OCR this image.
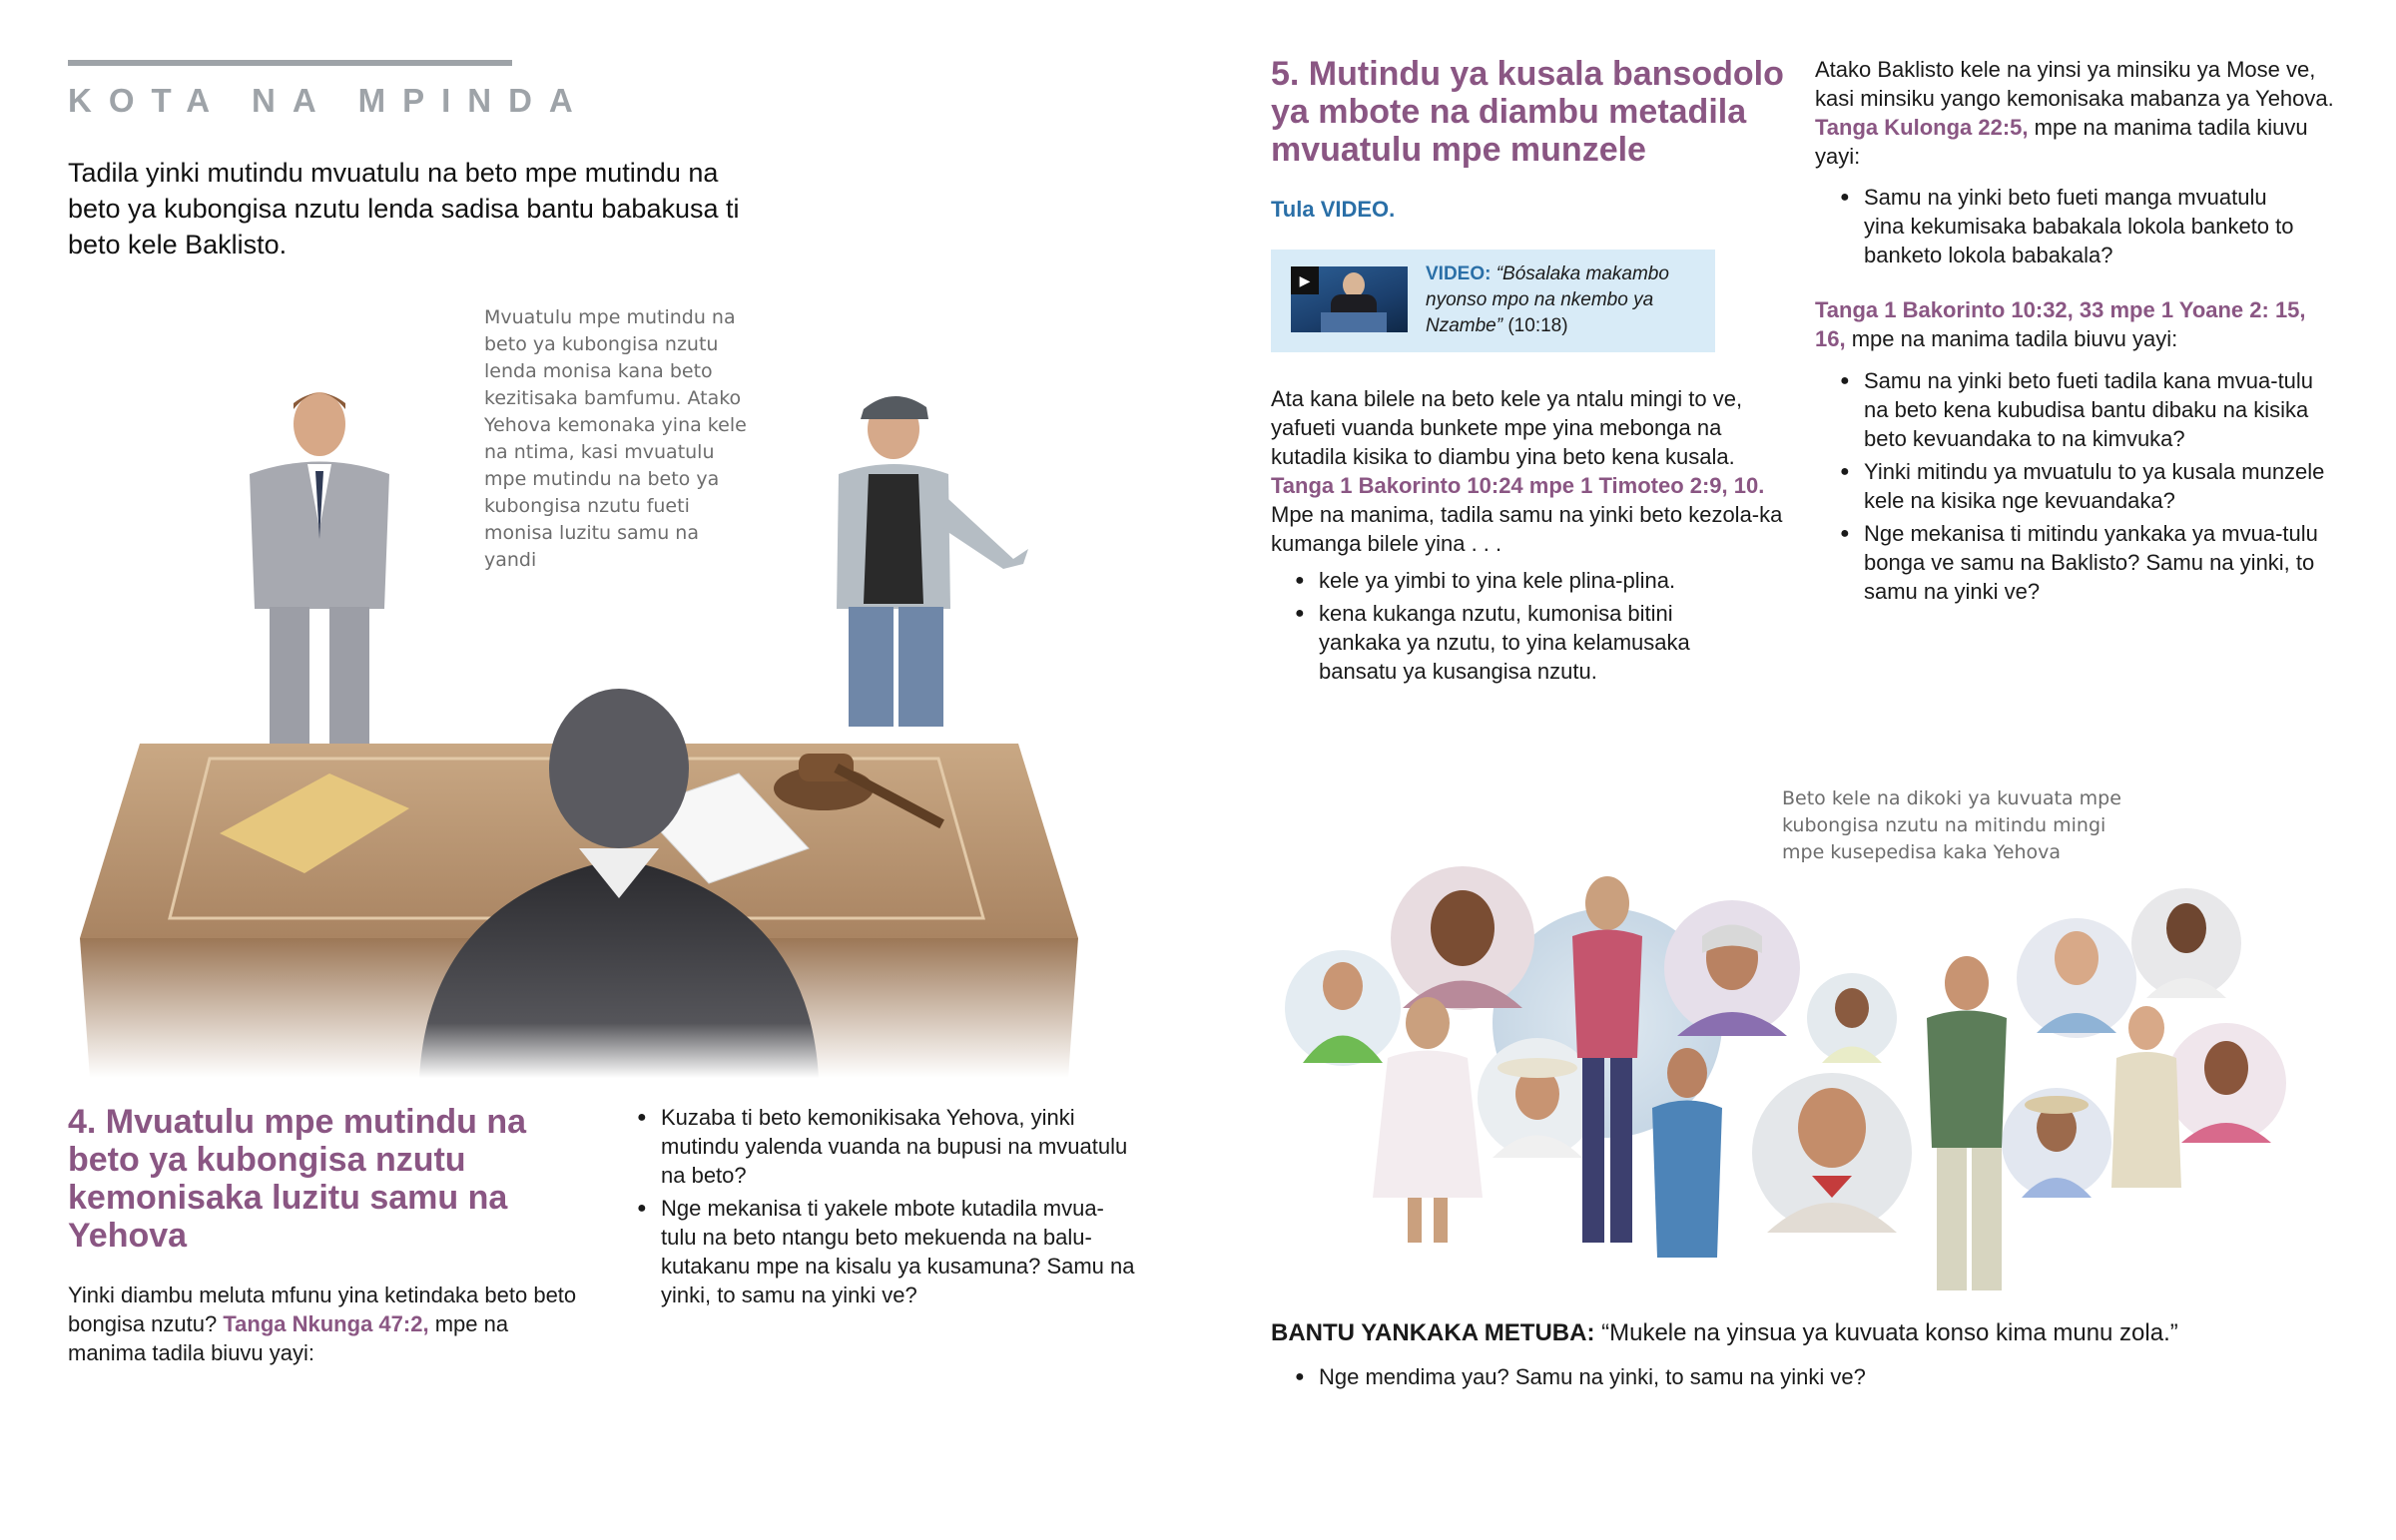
KOTA NA MPINDA
Tadila yinki mutindu mvuatulu na beto mpe mutindu na beto ya kubongisa nzutu lenda sadisa bantu babakusa ti beto kele Baklisto.
Mvuatulu mpe mutindu na beto ya kubongisa nzutu lenda monisa kana beto kezitisaka bamfumu. Atako Yehova kemonaka yina kele na ntima, kasi mvuatulu mpe mutindu na beto ya kubongisa nzutu fueti monisa luzitu samu na yandi
4. Mvuatulu mpe mutindu na beto ya kubongisa nzutu kemonisaka luzitu samu na Yehova
Yinki diambu meluta mfunu yina ketindaka beto beto bongisa nzutu? Tanga Nkunga 47:2, mpe na manima tadila biuvu yayi:
● Kuzaba ti beto kemonikisaka Yehova, yinki mutindu yalenda vuanda na bupusi na mvuatulu na beto?
● Nge mekanisa ti yakele mbote kutadila mvua-tulu na beto ntangu beto mekuenda na balu-kutakanu mpe na kisalu ya kusamuna? Samu na yinki, to samu na yinki ve?
5. Mutindu ya kusala bansodolo ya mbote na diambu metadila mvuatulu mpe munzele
Tula VIDEO.
▶	VIDEO: “Bósalaka makambo nyonso mpo na nkembo ya Nzambe” (10:18)
Ata kana bilele na beto kele ya ntalu mingi to ve, yafueti vuanda bunkete mpe yina mebonga na kutadila kisika to diambu yina beto kena kusala. Tanga 1 Bakorinto 10:24 mpe 1 Timoteo 2:9, 10. Mpe na manima, tadila samu na yinki beto kezola-ka kumanga bilele yina . . .
● kele ya yimbi to yina kele plina-plina.
● kena kukanga nzutu, kumonisa bitini yankaka ya nzutu, to yina kelamusaka bansatu ya kusangisa nzutu.
Atako Baklisto kele na yinsi ya minsiku ya Mose ve, kasi minsiku yango kemonisaka mabanza ya Yehova. Tanga Kulonga 22:5, mpe na manima tadila kiuvu yayi:
● Samu na yinki beto fueti manga mvuatulu yina kekumisaka babakala lokola banketo to banketo lokola babakala?
Tanga 1 Bakorinto 10:32, 33 mpe 1 Yoane 2: 15, 16, mpe na manima tadila biuvu yayi:
● Samu na yinki beto fueti tadila kana mvua-tulu na beto kena kubudisa bantu dibaku na kisika beto kevuandaka to na kimvuka?
● Yinki mitindu ya mvuatulu to ya kusala munzele kele na kisika nge kevuandaka?
● Nge mekanisa ti mitindu yankaka ya mvua-tulu bonga ve samu na Baklisto? Samu na yinki, to samu na yinki ve?
Beto kele na dikoki ya kuvuata mpe kubongisa nzutu na mitindu mingi mpe kusepedisa kaka Yehova
BANTU YANKAKA METUBA: “Mukele na yinsua ya kuvuata konso kima munu zola.”
● Nge mendima yau? Samu na yinki, to samu na yinki ve?
